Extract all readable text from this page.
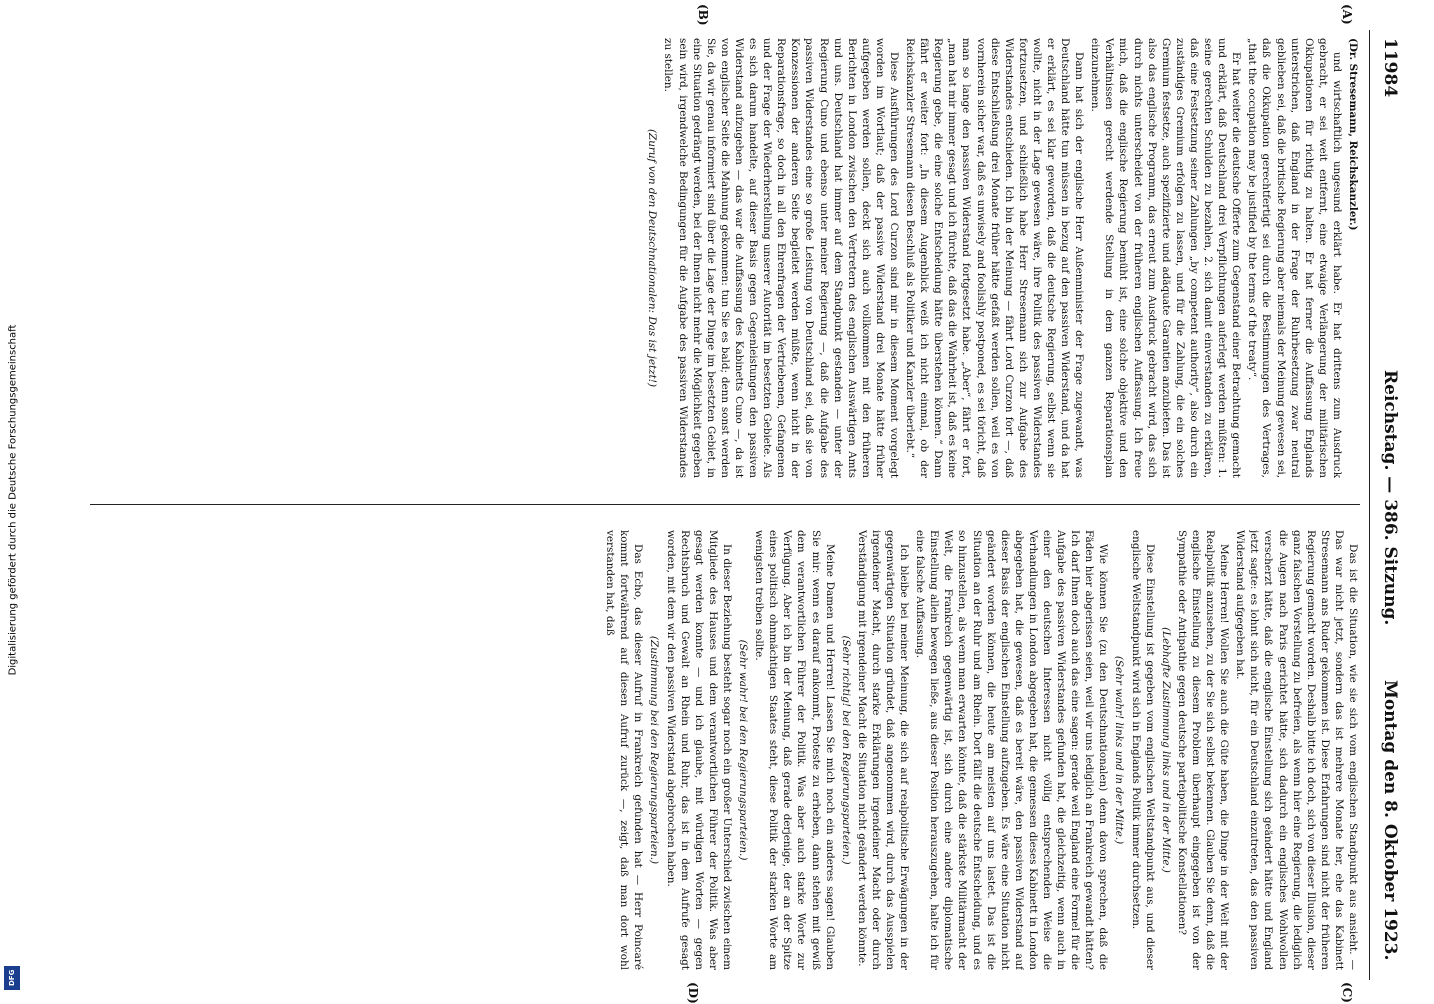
Digitalisierung gefördert durch die Deutsche Forschungsgemeinschaft
DFG
11984
Reichstag. — 386. Sitzung.
Montag den 8. Oktober 1923.
(A)
(B)
(C)
(D)

(Dr. Stresemann, Reichskanzler.)

und wirtschaftlich ungesund erklärt habe. Er hat drittens zum Ausdruck gebracht, er sei weit entfernt, eine etwaige Verlängerung der militärischen Okkupationen für richtig zu halten. Er hat ferner die Auffassung Englands unterstrichen, daß England in der Frage der Ruhrbesetzung zwar neutral geblieben sei, daß die britische Regierung aber niemals der Meinung gewesen sei, daß die Okkupation gerechtfertigt sei durch die Bestimmungen des Vertrages, „that the occupation may be justified by the terms of the treaty“.

Er hat weiter die deutsche Offerte zum Gegenstand einer Betrachtung gemacht und erklärt, daß Deutschland drei Verpflichtungen auferlegt werden müßten: 1. seine gerechten Schulden zu bezahlen, 2. sich damit einverstanden zu erklären, daß eine Festsetzung seiner Zahlungen „by competent authority“, also durch ein zuständiges Gremium erfolgen zu lassen, und für die Zahlung, die ein solches Gremium festsetze, auch spezifizierte und adäquate Garantien anzubieten. Das ist also das englische Programm, das erneut zum Ausdruck gebracht wird, das sich durch nichts unterscheidet von der früheren englischen Auffassung. Ich freue mich, daß die englische Regierung bemüht ist, eine solche objektive und den Verhältnissen gerecht werdende Stellung in dem ganzen Reparationsplan einzunehmen.

Dann hat sich der englische Herr Außenminister der Frage zugewandt, was Deutschland hätte tun müssen in bezug auf den passiven Widerstand, und da hat er erklärt, es sei klar geworden, daß die deutsche Regierung, selbst wenn sie wollte, nicht in der Lage gewesen wäre, ihre Politik des passiven Widerstandes fortzusetzen, und schließlich habe Herr Stresemann sich zur Aufgabe des Widerstandes entschieden. Ich bin der Meinung — fährt Lord Curzon fort —, daß diese Entschließung drei Monate früher hätte gefaßt werden sollen, weil es von vornherein sicher war, daß es unwisely and foolishly postponed, es sei töricht, daß man so lange den passiven Widerstand fortgesetzt habe. „Aber“, fährt er fort, „man hat mir immer gesagt und ich fürchte, daß das die Wahrheit ist, daß es keine Regierung gebe, die eine solche Entscheidung hätte überstehen können.“ Dann fährt er weiter fort: „In diesem Augenblick weiß ich nicht einmal, ob der Reichskanzler Stresemann diesen Beschluß als Politiker und Kanzler überlebt.“

Diese Ausführungen des Lord Curzon sind mir in diesem Moment vorgelegt worden im Wortlaut; daß der passive Widerstand drei Monate hätte früher aufgegeben werden sollen, deckt sich auch vollkommen mit den früheren Berichten in London zwischen den Vertretern des englischen Auswärtigen Amts und uns. Deutschland hat immer auf dem Standpunkt gestanden — unter der Regierung Cuno und ebenso unter meiner Regierung —, daß die Aufgabe des passiven Widerstandes eine so große Leistung von Deutschland sei, daß sie von Konzessionen der anderen Seite begleitet werden müßte, wenn nicht in der Reparationsfrage, so doch in all den Ehrenfragen der Vertriebenen, Gefangenen und der Frage der Wiederherstellung unserer Autorität im besetzten Gebiete. Als es sich darum handelte, auf dieser Basis gegen Gegenleistungen den passiven Widerstand aufzugeben — das war die Auffassung des Kabinetts Cuno —, da ist von englischer Seite die Mahnung gekommen: tun Sie es bald; denn sonst werden Sie, da wir genau informiert sind über die Lage der Dinge im besetzten Gebiet, in eine Situation gedrängt werden, bei der Ihnen nicht mehr die Möglichkeit gegeben sein wird, irgendwelche Bedingungen für die Aufgabe des passiven Widerstandes zu stellen.

(Zuruf von den Deutschnationalen: Das ist jetzt!)

Das ist die Situation, wie sie sich vom englischen Standpunkt aus ansieht. — Das war nicht jetzt, sondern das ist mehrere Monate her, ehe das Kabinett Stresemann ans Ruder gekommen ist. Diese Erfahrungen sind nicht der früheren Regierung gemacht worden. Deshalb bitte ich doch, sich von dieser Illusion, dieser ganz falschen Vorstellung zu befreien, als wenn hier eine Regierung, die lediglich die Augen nach Paris gerichtet hätte, sich dadurch ein englisches Wohlwollen verscherzt hätte, daß die englische Einstellung sich geändert hätte und England jetzt sagte: es lohnt sich nicht, für ein Deutschland einzutreten, das den passiven Widerstand aufgegeben hat.

Meine Herren! Wollen Sie auch die Güte haben, die Dinge in der Welt mit der Realpolitik anzusehen, zu der Sie sich selbst bekennen. Glauben Sie denn, daß die englische Einstellung zu diesem Problem überhaupt eingegeben ist von der Sympathie oder Antipathie gegen deutsche parteipolitische Konstellationen?

(Lebhafte Zustimmung links und in der Mitte.)

Diese Einstellung ist gegeben vom englischen Weltstandpunkt aus, und dieser englische Weltstandpunkt wird sich in Englands Politik immer durchsetzen.

(Sehr wahr! links und in der Mitte.)

Wie können Sie (zu den Deutschnationalen) denn davon sprechen, daß die Fäden hier abgerissen seien, weil wir uns lediglich an Frankreich gewandt hätten? Ich darf Ihnen doch auch das eine sagen: gerade weil England eine Formel für die Aufgabe des passiven Widerstandes gefunden hat, die gleichzeitig, wenn auch in einer den deutschen Interessen nicht völlig entsprechenden Weise die Verhandlungen in London abgegeben hat, die gemessen dieses Kabinett in London abgegeben hat, die gewesen, daß es bereit wäre, den passiven Widerstand auf dieser Basis der englischen Einstellung aufzugeben. Es wäre eine Situation nicht geändert worden können, die heute am meisten auf uns lastet. Das ist die Situation an der Ruhr und am Rhein. Dort fällt die deutsche Entscheidung, und es so hinzustellen, als wenn man erwarten könnte, daß die stärkste Militärmacht der Welt, die Frankreich gegenwärtig ist, sich durch eine andere diplomatische Einstellung allein bewegen ließe, aus dieser Position herauszugehen, halte ich für eine falsche Auffassung.

Ich bleibe bei meiner Meinung, die sich auf realpolitische Erwägungen in der gegenwärtigen Situation gründet, daß angenommen wird, durch das Ausspielen irgendeiner Macht, durch starke Erklärungen irgendeiner Macht oder durch Verständigung mit irgendeiner Macht die Situation nicht geändert werden könnte.

(Sehr richtig! bei den Regierungsparteien.)

Meine Damen und Herren! Lassen Sie mich noch ein anderes sagen! Glauben Sie mir: wenn es darauf ankommt, Proteste zu erheben, dann stehen mit gewiß dem verantwortlichen Führer der Politik. Was aber auch starke Worte zur Verfügung. Aber ich bin der Meinung, daß gerade derjenige, der an der Spitze eines politisch ohnmächtigen Staates steht, diese Politik der starken Worte am wenigsten treiben sollte.

(Sehr wahr! bei den Regierungsparteien.)

In dieser Beziehung besteht sogar noch ein großer Unterschied zwischen einem Mitgliede des Hauses und dem verantwortlichen Führer der Politik. Was aber gesagt werden konnte — und ich glaube, mit würdigen Worten — gegen Rechtsbruch und Gewalt an Rhein und Ruhr, das ist in dem Aufrufe gesagt worden, mit dem wir den passiven Widerstand abgebrochen haben.

(Zustimmung bei den Regierungsparteien.)

Das Echo, das dieser Aufruf in Frankreich gefunden hat — Herr Poincaré kommt fortwährend auf diesen Aufruf zurück —, zeigt, daß man dort wohl verstanden hat, daß
